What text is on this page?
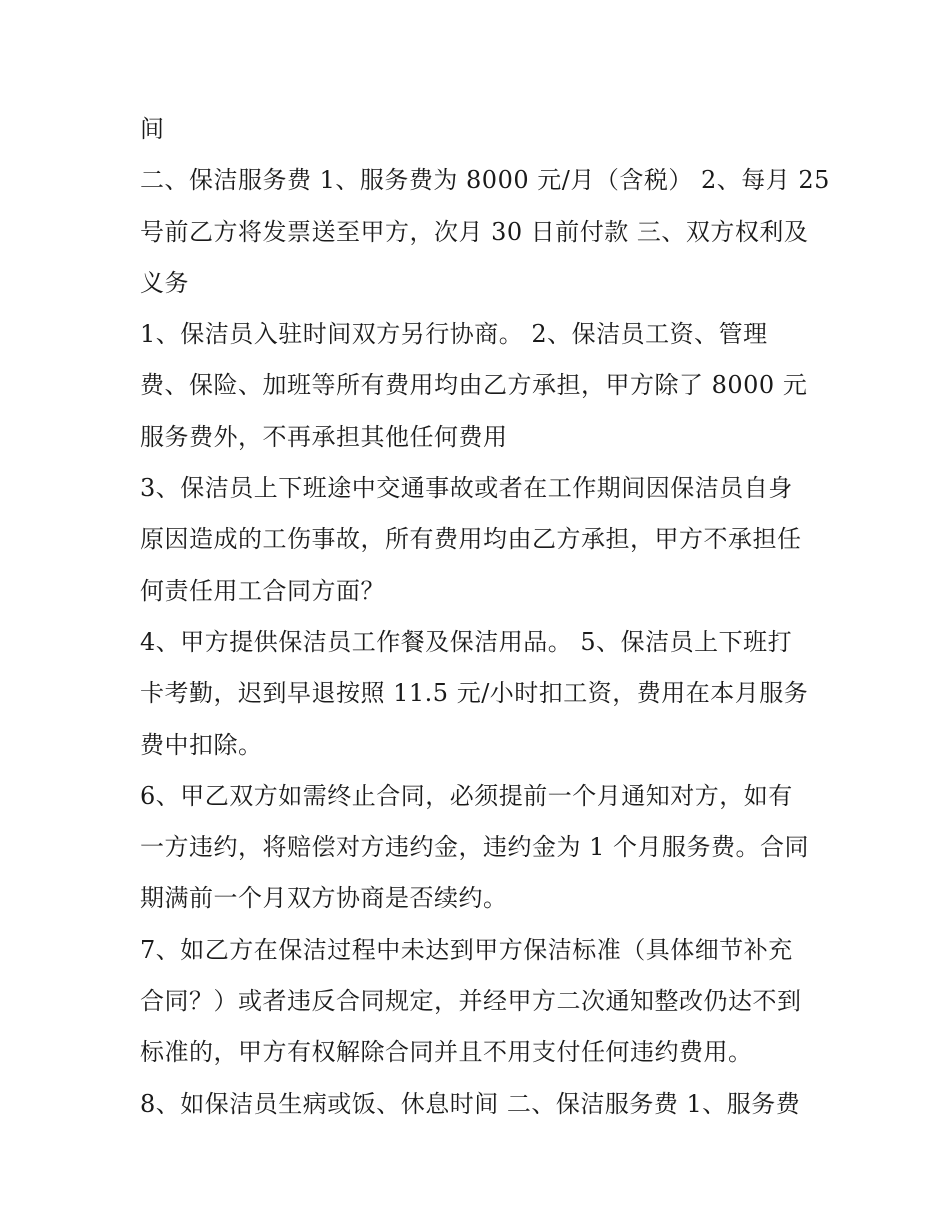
间
二、保洁服务费 1、服务费为 8000 元/月（含税） 2、每月 25
号前乙方将发票送至甲方，次月 30 日前付款 三、双方权利及
义务
1、保洁员入驻时间双方另行协商。 2、保洁员工资、管理
费、保险、加班等所有费用均由乙方承担，甲方除了 8000 元
服务费外，不再承担其他任何费用
3、保洁员上下班途中交通事故或者在工作期间因保洁员自身
原因造成的工伤事故，所有费用均由乙方承担，甲方不承担任
何责任用工合同方面？
4、甲方提供保洁员工作餐及保洁用品。 5、保洁员上下班打
卡考勤，迟到早退按照 11.5 元/小时扣工资，费用在本月服务
费中扣除。
6、甲乙双方如需终止合同，必须提前一个月通知对方，如有
一方违约，将赔偿对方违约金，违约金为 1 个月服务费。合同
期满前一个月双方协商是否续约。
7、如乙方在保洁过程中未达到甲方保洁标准（具体细节补充
合同？）或者违反合同规定，并经甲方二次通知整改仍达不到
标准的，甲方有权解除合同并且不用支付任何违约费用。
8、如保洁员生病或饭、休息时间 二、保洁服务费 1、服务费
